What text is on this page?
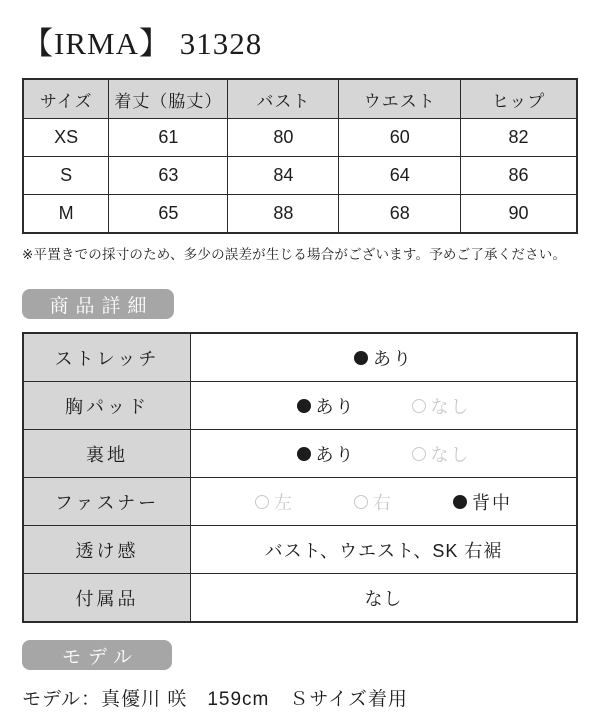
【IRMA】 31328
サイズ	着丈（脇丈）	バスト	ウエスト	ヒップ
XS	61	80	60	82
S	63	84	64	86
M	65	88	68	90

※平置きでの採寸のため、多少の誤差が生じる場合がございます。予めご了承ください。

商品詳細
ストレッチ	あり

胸パッド	あり なし

裏地	あり なし

ファスナー	左 右 背中

透け感	バスト、ウエスト、SK 右裾
付属品	なし
モデル

モデル：真優川 咲　159cm　Ｓサイズ着用
